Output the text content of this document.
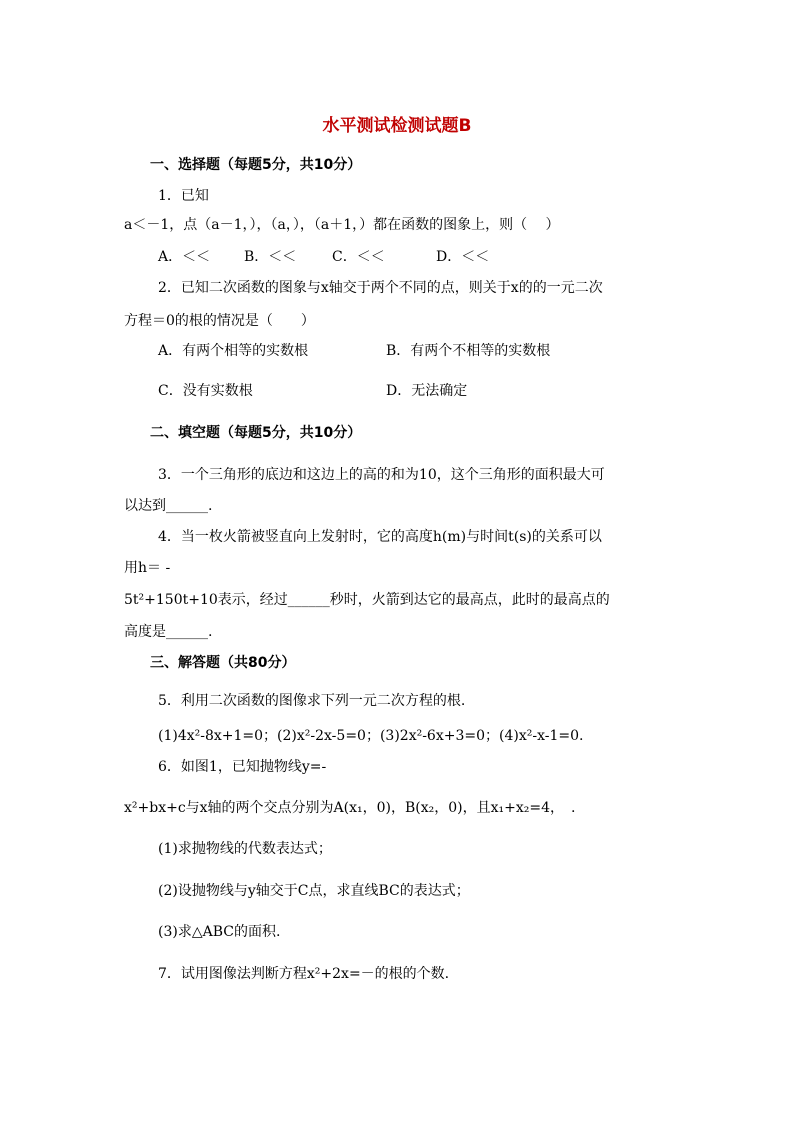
水平测试检测试题B
一、选择题（每题5分，共10分）
1．已知
a＜－1，点（a－1，），（a，），（a＋1，）都在函数的图象上，则（　 ）
A．＜＜ B．＜＜	C．＜＜	D．＜＜
2．已知二次函数的图象与x轴交于两个不同的点，则关于x的的一元二次
方程＝0的根的情况是（　　）
A．有两个相等的实数根	B．有两个不相等的实数根
C．没有实数根	D．无法确定
二、填空题（每题5分，共10分）
3．一个三角形的底边和这边上的高的和为10，这个三角形的面积最大可
以达到______.
4．当一枚火箭被竖直向上发射时，它的高度h(m)与时间t(s)的关系可以
用h＝ -
5t²+150t+10表示，经过______秒时，火箭到达它的最高点，此时的最高点的
高度是______.
三、解答题（共80分）
5．利用二次函数的图像求下列一元二次方程的根.
(1)4x²-8x+1=0；(2)x²-2x-5=0；(3)2x²-6x+3=0；(4)x²-x-1=0.
6．如图1，已知抛物线y=-
x²+bx+c与x轴的两个交点分别为A(x₁，0)，B(x₂，0)，且x₁+x₂=4，　.
(1)求抛物线的代数表达式；
(2)设抛物线与y轴交于C点，求直线BC的表达式；
(3)求△ABC的面积.
7．试用图像法判断方程x²+2x=－的根的个数.
